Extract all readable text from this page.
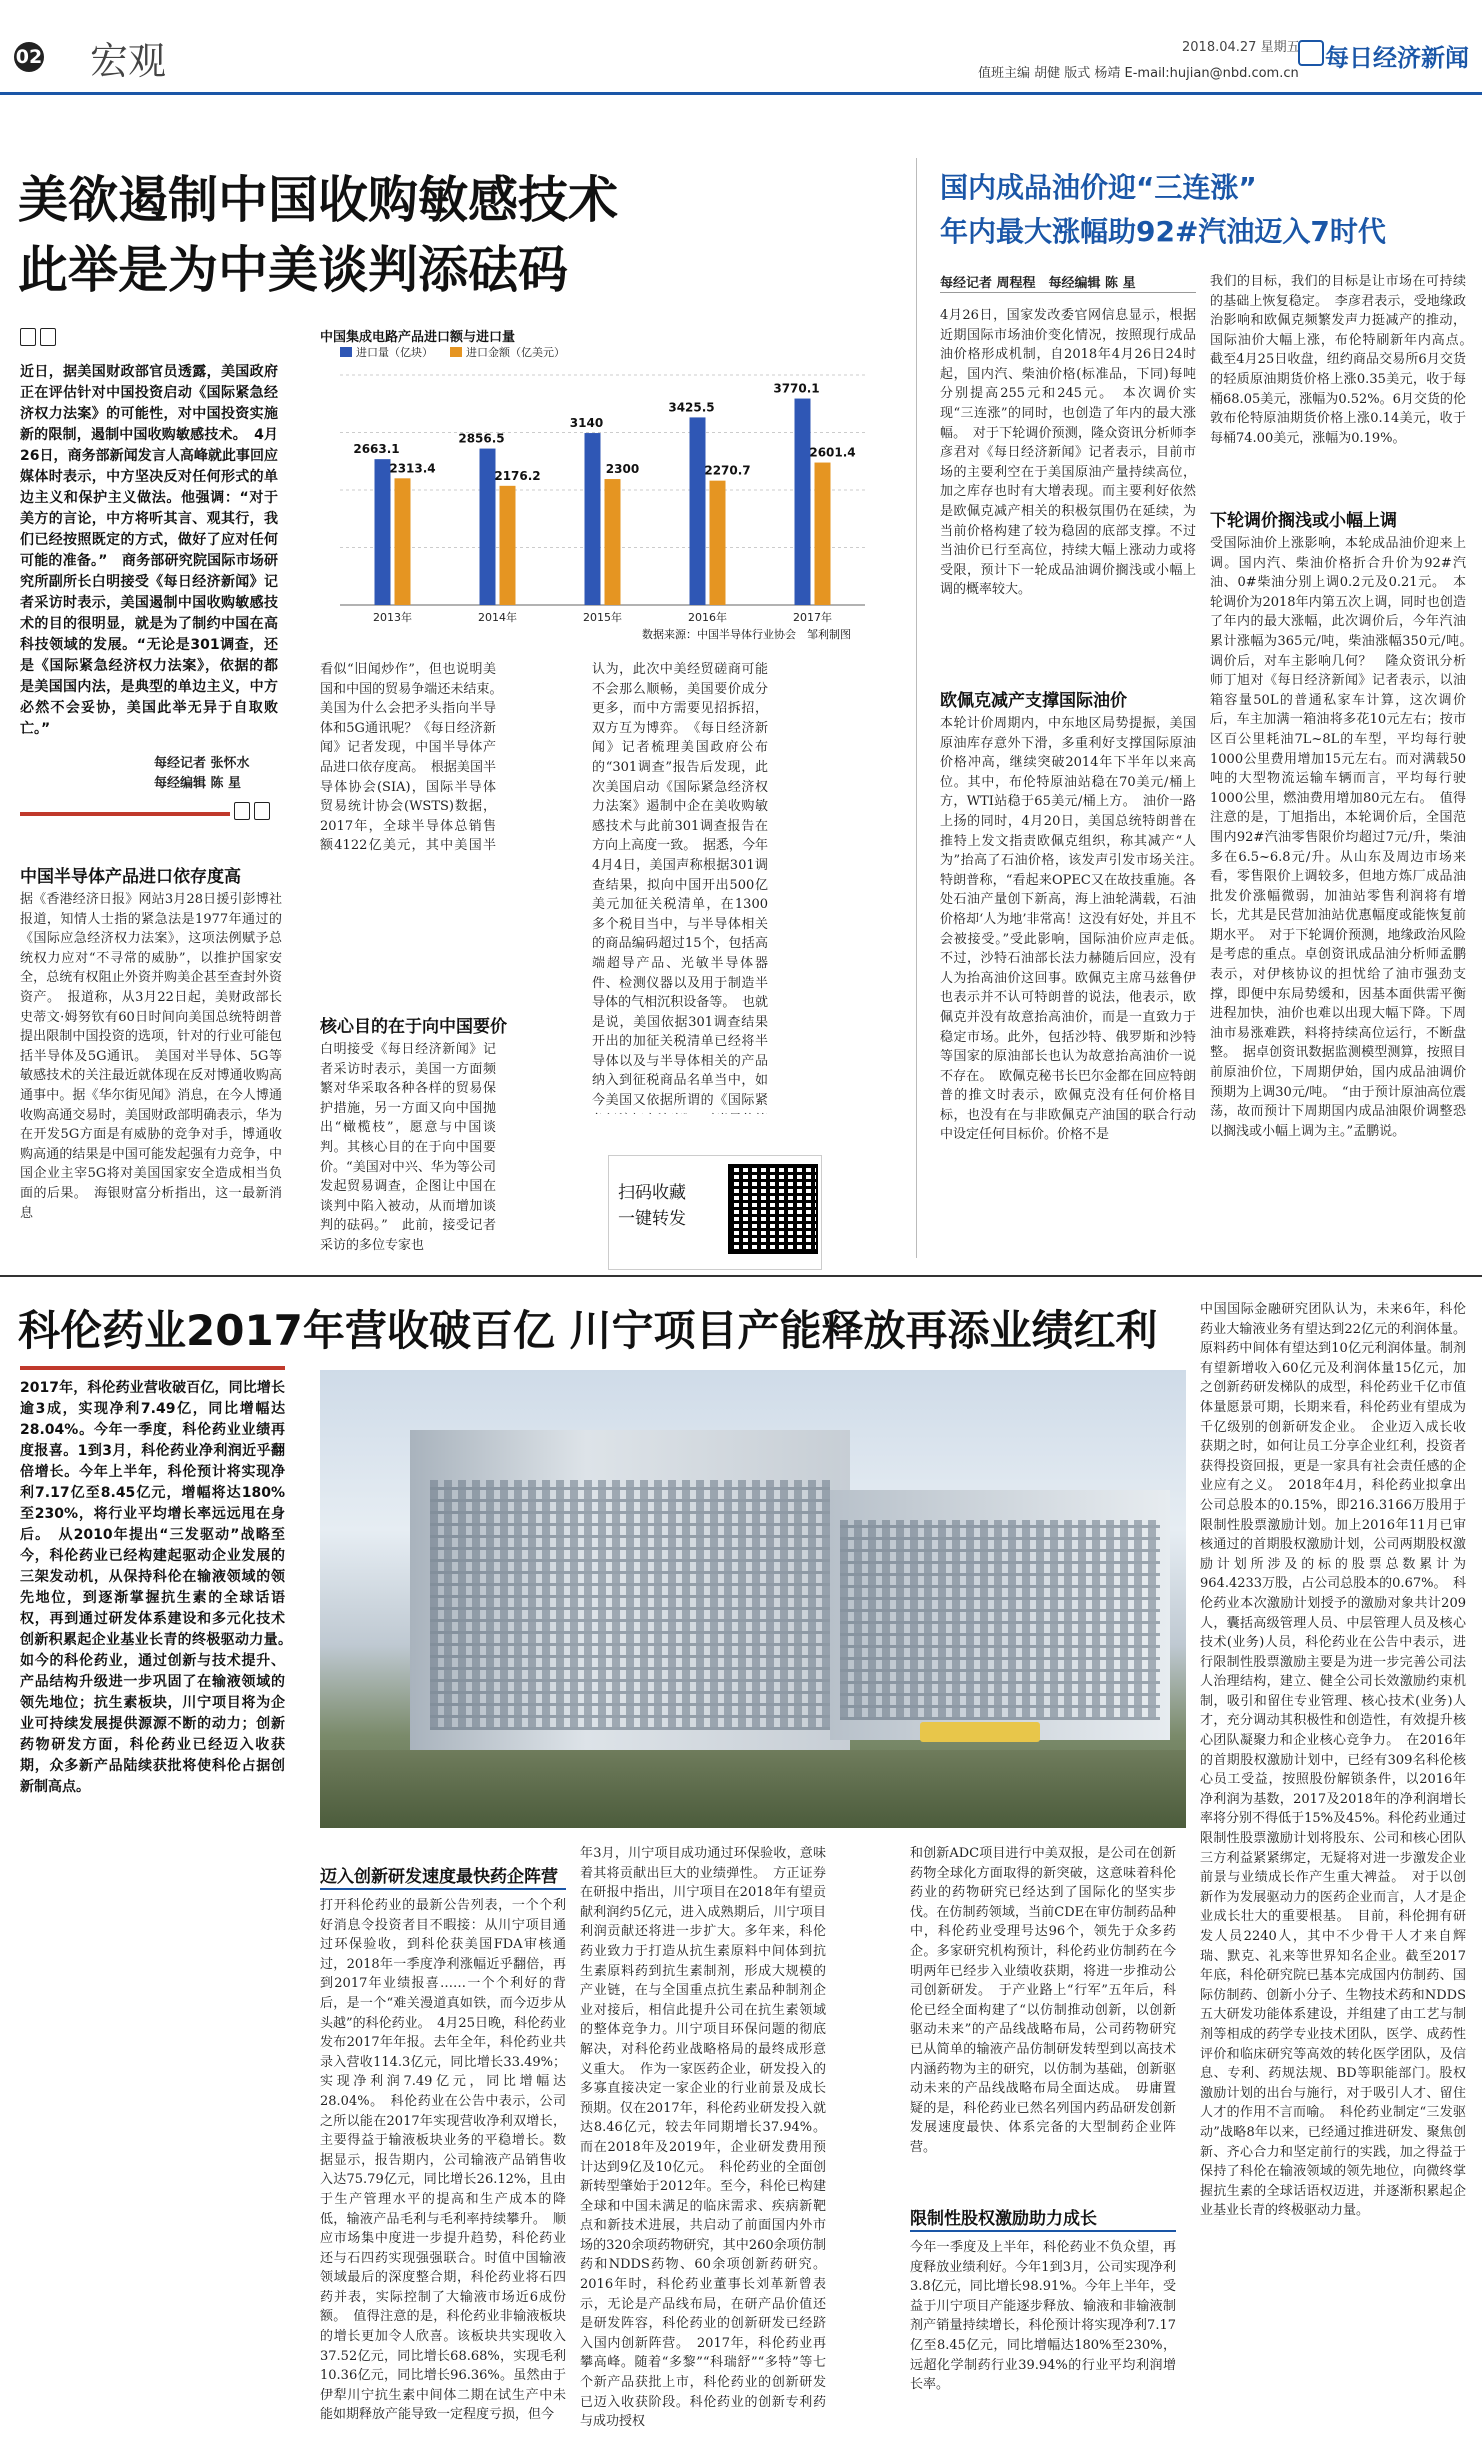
02 宏观	2018.04.27 星期五
值班主编 胡健 版式 杨靖 E-mail:hujian@nbd.com.cn
每日经济新闻
美欲遏制中国收购敏感技术
此举是为中美谈判添砝码
近日，据美国财政部官员透露，美国政府正在评估针对中国投资启动《国际紧急经济权力法案》的可能性，对中国投资实施新的限制，遏制中国收购敏感技术。　4月26日，商务部新闻发言人高峰就此事回应媒体时表示，中方坚决反对任何形式的单边主义和保护主义做法。他强调：“对于美方的言论，中方将听其言、观其行，我们已经按照既定的方式，做好了应对任何可能的准备。”　商务部研究院国际市场研究所副所长白明接受《每日经济新闻》记者采访时表示，美国遏制中国收购敏感技术的目的很明显，就是为了制约中国在高科技领域的发展。“无论是301调查，还是《国际紧急经济权力法案》，依据的都是美国国内法，是典型的单边主义，中方必然不会妥协，美国此举无异于自取败亡。”
每经记者 张怀水
每经编辑 陈 星
中国半导体产品进口依存度高
据《香港经济日报》网站3月28日援引彭博社报道，知情人士指的紧急法是1977年通过的《国际应急经济权力法案》，这项法例赋予总统权力应对“不寻常的威胁”，以推护国家安全，总统有权阻止外资并购美企甚至查封外资资产。　报道称，从3月22日起，美财政部长史蒂文·姆努钦有60日时间向美国总统特朗普提出限制中国投资的选项，针对的行业可能包括半导体及5G通讯。　美国对半导体、5G等敏感技术的关注最近就体现在反对博通收购高通事中。据《华尔街见闻》消息，在今人博通收购高通交易时，美国财政部明确表示，华为在开发5G方面是有威胁的竞争对手，博通收购高通的结果是中国可能发起强有力竞争，中国企业主宰5G将对美国国家安全造成相当负面的后果。　海银财富分析指出，这一最新消息
中国集成电路产品进口额与进口量
进口量（亿块）	进口金额（亿美元）
2663.1
2313.4
2856.5
2176.2
3140
2300
3425.5
2270.7
3770.1
2601.4
2013年	2014年	2015年	2016年	2017年
数据来源：中国半导体行业协会　邹利制图
看似“旧闻炒作”，但也说明美国和中国的贸易争端还未结束。　美国为什么会把矛头指向半导体和5G通讯呢？《每日经济新闻》记者发现，中国半导体产品进口依存度高。　根据美国半导体协会(SIA)，国际半导体贸易统计协会(WSTS)数据，2017年，全球半导体总销售额4122亿美元，其中美国半　
核心目的在于向中国要价
白明接受《每日经济新闻》记者采访时表示，美国一方面频繁对华采取各种各样的贸易保护措施，另一方面又向中国抛出“橄榄枝”，愿意与中国谈判。其核心目的在于向中国要价。“美国对中兴、华为等公司发起贸易调查，企图让中国在谈判中陷入被动，从而增加谈判的砝码。”　此前，接受记者采访的多位专家也
认为，此次中美经贸磋商可能不会那么顺畅，美国要价成分更多，而中方需要见招拆招，双方互为博弈。　《每日经济新闻》记者梳理美国政府公布的“301调查”报告后发现，此次美国启动《国际紧急经济权力法案》遏制中企在美收购敏感技术与此前301调查报告在方向上高度一致。　据悉，今年4月4日，美国声称根据301调查结果，拟向中国开出500亿美元加征关税清单，在1300多个税目当中，与半导体相关的商品编码超过15个，包括高端超导产品、光敏半导体器件、检测仪器以及用于制造半导体的气相沉积设备等。　也就是说，美国依据301调查结果开出的加征关税清单已经将半导体以及与半导体相关的产品纳入到征税商品名单当中，如今美国又依据所谓的《国际紧
扫码收藏
一键转发
国内成品油价迎“三连涨”
年内最大涨幅助92#汽油迈入7时代
每经记者 周程程　每经编辑 陈 星
4月26日，国家发改委官网信息显示，根据近期国际市场油价变化情况，按照现行成品油价格形成机制，自2018年4月26日24时起，国内汽、柴油价格(标准品，下同)每吨分别提高255元和245元。　本次调价实现“三连涨”的同时，也创造了年内的最大涨幅。　对于下轮调价预测，隆众资讯分析师李彦君对《每日经济新闻》记者表示，目前市场的主要利空在于美国原油产量持续高位，加之库存也时有大增表现。而主要利好依然是欧佩克减产相关的积极氛围仍在延续，为当前价格构建了较为稳固的底部支撑。不过当油价已行至高位，持续大幅上涨动力或将受限，预计下一轮成品油调价搁浅或小幅上调的概率较大。
欧佩克减产支撑国际油价
本轮计价周期内，中东地区局势提振，美国原油库存意外下滑，多重利好支撑国际原油价格冲高，继续突破2014年下半年以来高位。其中，布伦特原油站稳在70美元/桶上方，WTI站稳于65美元/桶上方。　油价一路上扬的同时，4月20日，美国总统特朗普在推特上发文指责欧佩克组织，称其减产“人为”抬高了石油价格，该发声引发市场关注。　特朗普称，“看起来OPEC又在故技重施。各处石油产量创下新高，海上油轮满载，石油价格却‘人为地’非常高！这没有好处，并且不会被接受。”受此影响，国际油价应声走低。　不过，沙特石油部长法力赫随后回应，没有人为抬高油价这回事。欧佩克主席马兹鲁伊也表示并不认可特朗普的说法，他表示，欧佩克并没有故意抬高油价，而是一直致力于稳定市场。此外，包括沙特、俄罗斯和沙特等国家的原油部长也认为故意抬高油价一说不存在。　欧佩克秘书长巴尔金都在回应特朗普的推文时表示，欧佩克没有任何价格目标，也没有在与非欧佩克产油国的联合行动中设定任何目标价。价格不是
我们的目标，我们的目标是让市场在可持续的基础上恢复稳定。　李彦君表示，受地缘政治影响和欧佩克频繁发声力挺减产的推动，国际油价大幅上涨，布伦特刷新年内高点。　截至4月25日收盘，纽约商品交易所6月交货的轻质原油期货价格上涨0.35美元，收于每桶68.05美元，涨幅为0.52%。6月交货的伦敦布伦特原油期货价格上涨0.14美元，收于每桶74.00美元，涨幅为0.19%。
下轮调价搁浅或小幅上调
受国际油价上涨影响，本轮成品油价迎来上调。国内汽、柴油价格折合升价为92#汽油、0#柴油分别上调0.2元及0.21元。　本轮调价为2018年内第五次上调，同时也创造了年内的最大涨幅，此次调价后，今年汽油累计涨幅为365元/吨，柴油涨幅350元/吨。　调价后，对车主影响几何？　隆众资讯分析师丁旭对《每日经济新闻》记者表示，以油箱容量50L的普通私家车计算，这次调价后，车主加满一箱油将多花10元左右；按市区百公里耗油7L~8L的车型，平均每行驶1000公里费用增加15元左右。而对满载50吨的大型物流运输车辆而言，平均每行驶1000公里，燃油费用增加80元左右。　值得注意的是，丁旭指出，本轮调价后，全国范围内92#汽油零售限价均超过7元/升，柴油多在6.5~6.8元/升。从山东及周边市场来看，零售限价上调较多，但地方炼厂成品油批发价涨幅微弱，加油站零售利润将有增长，尤其是民营加油站优惠幅度或能恢复前期水平。　对于下轮调价预测，地缘政治风险是考虑的重点。卓创资讯成品油分析师孟鹏表示，对伊核协议的担忧给了油市强劲支撑，即便中东局势缓和，因基本面供需平衡进程加快，油价也难以出现大幅下降。下周油市易涨难跌，料将持续高位运行，不断盘整。　据卓创资讯数据监测模型测算，按照目前原油价位，下周期伊始，国内成品油调价预期为上调30元/吨。　“由于预计原油高位震荡，故而预计下周期国内成品油限价调整恐以搁浅或小幅上调为主。”孟鹏说。
科伦药业2017年营收破百亿 川宁项目产能释放再添业绩红利
2017年，科伦药业营收破百亿，同比增长逾3成，实现净利7.49亿，同比增幅达28.04%。今年一季度，科伦药业业绩再度报喜。1到3月，科伦药业净利润近乎翻倍增长。今年上半年，科伦预计将实现净利7.17亿至8.45亿元，增幅将达180%至230%，将行业平均增长率远远甩在身后。　从2010年提出“三发驱动”战略至今，科伦药业已经构建起驱动企业发展的三架发动机，从保持科伦在输液领域的领先地位，到逐渐掌握抗生素的全球话语权，再到通过研发体系建设和多元化技术创新积累起企业基业长青的终极驱动力量。　如今的科伦药业，通过创新与技术提升、产品结构升级进一步巩固了在输液领域的领先地位；抗生素板块，川宁项目将为企业可持续发展提供源源不断的动力；创新药物研发方面，科伦药业已经迈入收获期，众多新产品陆续获批将使科伦占据创新制高点。
迈入创新研发速度最快药企阵营
打开科伦药业的最新公告列表，一个个利好消息令投资者目不暇接：从川宁项目通过环保验收，到科伦获美国FDA审核通过，2018年一季度净利涨幅近乎翻倍，再到2017年业绩报喜……一个个利好的背后，是一个“难关漫道真如铁，而今迈步从头越”的科伦药业。　4月25日晚，科伦药业发布2017年年报。去年全年，科伦药业共录入营收114.3亿元，同比增长33.49%；实现净利润7.49亿元，同比增幅达28.04%。　科伦药业在公告中表示，公司之所以能在2017年实现营收净利双增长，主要得益于输液板块业务的平稳增长。数据显示，报告期内，公司输液产品销售收入达75.79亿元，同比增长26.12%，且由于生产管理水平的提高和生产成本的降低，输液产品毛利与毛利率持续攀升。　顺应市场集中度进一步提升趋势，科伦药业还与石四药实现强强联合。时值中国输液领域最后的深度整合期，科伦药业将石四药并表，实际控制了大输液市场近6成份额。　值得注意的是，科伦药业非输液板块的增长更加令人欣喜。该板块共实现收入37.52亿元，同比增长68.68%，实现毛利10.36亿元，同比增长96.36%。虽然由于伊犁川宁抗生素中间体二期在试生产中未能如期释放产能导致一定程度亏损，但今
年3月，川宁项目成功通过环保验收，意味着其将贡献出巨大的业绩弹性。　方正证券在研报中指出，川宁项目在2018年有望贡献利润约5亿元，进入成熟期后，川宁项目利润贡献还将进一步扩大。多年来，科伦药业致力于打造从抗生素原料中间体到抗生素原料药到抗生素制剂，形成大规模的产业链，在与全国重点抗生素品种制剂企业对接后，相信此提升公司在抗生素领域的整体竞争力。川宁项目环保问题的彻底解决，对科伦药业战略格局的最终成形意义重大。　作为一家医药企业，研发投入的多寡直接决定一家企业的行业前景及成长预期。仅在2017年，科伦药业研发投入就达8.46亿元，较去年同期增长37.94%。而在2018年及2019年，企业研发费用预计达到9亿及10亿元。　科伦药业的全面创新转型肇始于2012年。至今，科伦已构建全球和中国未满足的临床需求、疾病新靶点和新技术进展，共启动了前面国内外市场的320余项药物研究，其中260余项仿制药和NDDS药物、60余项创新药研究。2016年时，科伦药业董事长刘革新曾表示，无论是产品线布局，在研产品价值还是研发阵容，科伦药业的创新研发已经跻入国内创新阵营。　2017年，科伦药业再攀高峰。随着“多黎”“科瑞舒”“多特”等七个新产品获批上市，科伦药业的创新研发已迈入收获阶段。科伦药业的创新专利药与成功授权
和创新ADC项目进行中美双报，是公司在创新药物全球化方面取得的新突破，这意味着科伦药业的药物研究已经达到了国际化的坚实步伐。在仿制药领域，当前CDE在审仿制药品种中，科伦药业受理号达96个，领先于众多药企。多家研究机构预计，科伦药业仿制药在今明两年已经步入业绩收获期，将进一步推动公司创新研发。　于产业路上“行军”五年后，科伦已经全面构建了“以仿制推动创新，以创新驱动未来”的产品线战略布局，公司药物研究已从简单的输液产品仿制研发转型到以高技术内涵药物为主的研究，以仿制为基础，创新驱动未来的产品线战略布局全面达成。　毋庸置疑的是，科伦药业已然名列国内药品研发创新发展速度最快、体系完备的大型制药企业阵营。
限制性股权激励助力成长
今年一季度及上半年，科伦药业不负众望，再度释放业绩利好。今年1到3月，公司实现净利3.8亿元，同比增长98.91%。今年上半年，受益于川宁项目产能逐步释放、输液和非输液制剂产销量持续增长，科伦预计将实现净利7.17亿至8.45亿元，同比增幅达180%至230%，远超化学制药行业39.94%的行业平均利润增长率。
中国国际金融研究团队认为，未来6年，科伦药业大输液业务有望达到22亿元的利润体量。原料药中间体有望达到10亿元利润体量。制剂有望新增收入60亿元及利润体量15亿元，加之创新药研发梯队的成型，科伦药业千亿市值体量愿景可期，长期来看，科伦药业有望成为千亿级别的创新研发企业。　企业迈入成长收获期之时，如何让员工分享企业红利，投资者获得投资回报，更是一家具有社会责任感的企业应有之义。　2018年4月，科伦药业拟拿出公司总股本的0.15%，即216.3166万股用于限制性股票激励计划。加上2016年11月已审核通过的首期股权激励计划，公司两期股权激励计划所涉及的标的股票总数累计为964.4233万股，占公司总股本的0.67%。　科伦药业本次激励计划授予的激励对象共计209人，囊括高级管理人员、中层管理人员及核心技术(业务)人员，科伦药业在公告中表示，进行限制性股票激励主要是为进一步完善公司法人治理结构，建立、健全公司长效激励约束机制，吸引和留住专业管理、核心技术(业务)人才，充分调动其积极性和创造性，有效提升核心团队凝聚力和企业核心竞争力。　在2016年的首期股权激励计划中，已经有309名科伦核心员工受益，按照股份解锁条件，以2016年净利润为基数，2017及2018年的净利润增长率将分别不得低于15%及45%。科伦药业通过限制性股票激励计划将股东、公司和核心团队三方利益紧紧绑定，无疑将对进一步激发企业前景与业绩成长作产生重大裨益。　对于以创新作为发展驱动力的医药企业而言，人才是企业成长壮大的重要根基。　目前，科伦拥有研发人员2240人，其中不少骨干人才来自辉瑞、默克、礼来等世界知名企业。截至2017年底，科伦研究院已基本完成国内仿制药、国际仿制药、创新小分子、生物技术药和NDDS五大研发功能体系建设，并组建了由工艺与制剂等相成的药学专业技术团队，医学、成药性评价和临床研究等高效的转化医学团队，及信息、专利、药规法规、BD等职能部门。股权激励计划的出台与施行，对于吸引人才、留住人才的作用不言而喻。　科伦药业制定“三发驱动”战略8年以来，已经通过推进研发、聚焦创新、齐心合力和坚定前行的实践，加之得益于保持了科伦在输液领域的领先地位，向微终掌握抗生素的全球话语权迈进，并逐渐积累起企业基业长青的终极驱动力量。
